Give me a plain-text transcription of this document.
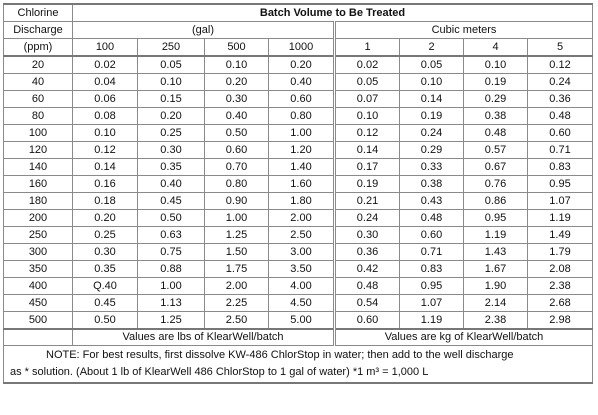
Chlorine	Batch Volume to Be Treated							
Discharge	(gal)				Cubic meters			
(ppm)	100	250	500	1000	1	2	4	5
20	0.02	0.05	0.10	0.20	0.02	0.05	0.10	0.12
40	0.04	0.10	0.20	0.40	0.05	0.10	0.19	0.24
60	0.06	0.15	0.30	0.60	0.07	0.14	0.29	0.36
80	0.08	0.20	0.40	0.80	0.10	0.19	0.38	0.48
100	0.10	0.25	0.50	1.00	0.12	0.24	0.48	0.60
120	0.12	0.30	0.60	1.20	0.14	0.29	0.57	0.71
140	0.14	0.35	0.70	1.40	0.17	0.33	0.67	0.83
160	0.16	0.40	0.80	1.60	0.19	0.38	0.76	0.95
180	0.18	0.45	0.90	1.80	0.21	0.43	0.86	1.07
200	0.20	0.50	1.00	2.00	0.24	0.48	0.95	1.19
250	0.25	0.63	1.25	2.50	0.30	0.60	1.19	1.49
300	0.30	0.75	1.50	3.00	0.36	0.71	1.43	1.79
350	0.35	0.88	1.75	3.50	0.42	0.83	1.67	2.08
400	Q.40	1.00	2.00	4.00	0.48	0.95	1.90	2.38
450	0.45	1.13	2.25	4.50	0.54	1.07	2.14	2.68
500	0.50	1.25	2.50	5.00	0.60	1.19	2.38	2.98
	Values are lbs of KlearWell/batch				Values are kg of KlearWell/batch			

NOTE: For best results, first dissolve KW-486 ChlorStop in water; then add to the well discharge
as * solution. (About 1 lb of KlearWell 486 ChlorStop to 1 gal of water) *1 m³ = 1,000 L								
